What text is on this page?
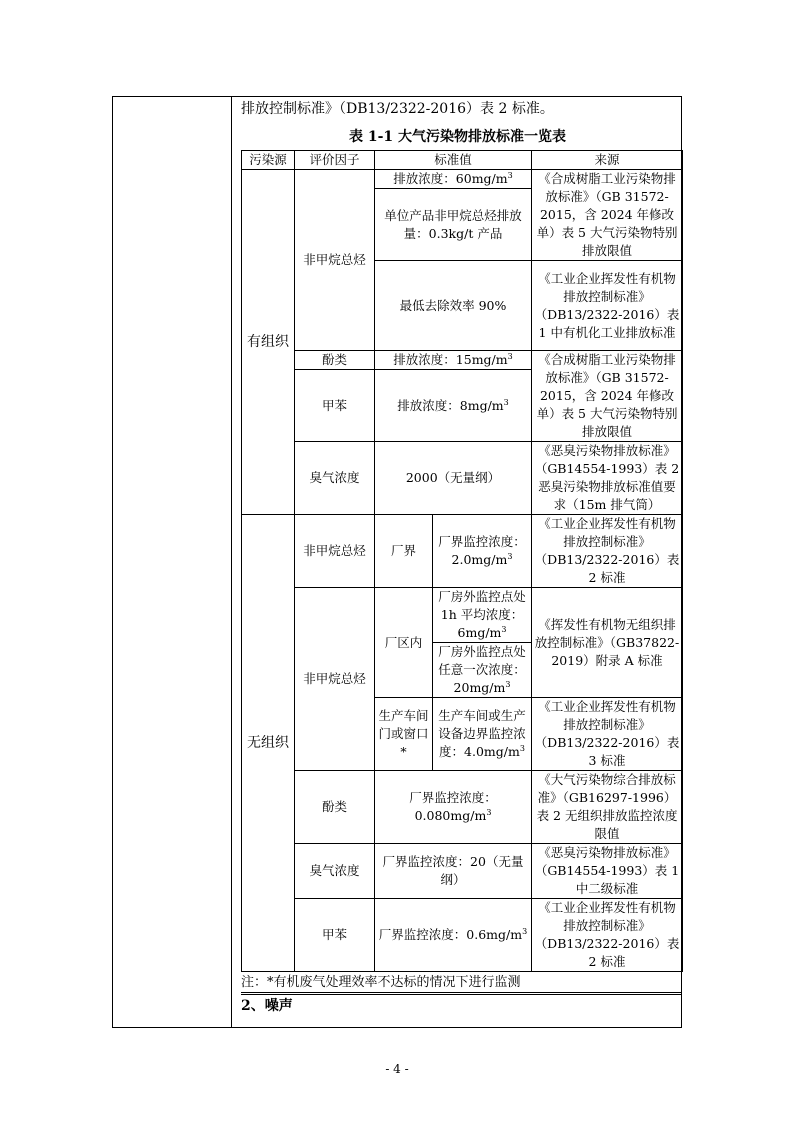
排放控制标准》（DB13/2322-2016）表 2 标准。
表 1-1 大气污染物排放标准一览表
污染源	评价因子	标准值		来源
有组织	非甲烷总烃	排放浓度：$60mg/m^3$		《合成树脂工业污染物排放标准》（GB 31572-2015，含 2024 年修改单）表 5 大气污染物特别排放限值
		单位产品非甲烷总烃排放量：0.3kg/t 产品		
		最低去除效率 90%		《工业企业挥发性有机物排放控制标准》（DB13/2322-2016）表 1 中有机化工业排放标准
	酚类	排放浓度：$15mg/m^3$		《合成树脂工业污染物排放标准》（GB 31572-2015，含 2024 年修改单）表 5 大气污染物特别排放限值
	甲苯	排放浓度：$8mg/m^3$

	臭气浓度	2000（无量纲）		《恶臭污染物排放标准》（GB14554-1993）表 2 恶臭污染物排放标准值要求（15m 排气筒）

无组织	非甲烷总烃	厂界	厂界监控浓度：$2.0mg/m^3$	《工业企业挥发性有机物排放控制标准》（DB13/2322-2016）表 2 标准
	非甲烷总烃	厂区内	厂房外监控点处 1h 平均浓度：$6mg/m^3$	《挥发性有机物无组织排放控制标准》（GB37822-2019）附录 A 标准
			厂房外监控点处任意一次浓度：$20mg/m^3$
		生产车间门或窗口*	生产车间或生产设备边界监控浓度：$4.0mg/m^3$	《工业企业挥发性有机物排放控制标准》（DB13/2322-2016）表 3 标准
	酚类	厂界监控浓度：$0.080mg/m^3$		《大气污染物综合排放标准》（GB16297-1996）表 2 无组织排放监控浓度限值
	臭气浓度	厂界监控浓度：20（无量纲）		《恶臭污染物排放标准》（GB14554-1993）表 1 中二级标准
	甲苯	厂界监控浓度：$0.6mg/m^3$		《工业企业挥发性有机物排放控制标准》（DB13/2322-2016）表 2 标准
注：*有机废气处理效率不达标的情况下进行监测
2、噪声
- 4 -
